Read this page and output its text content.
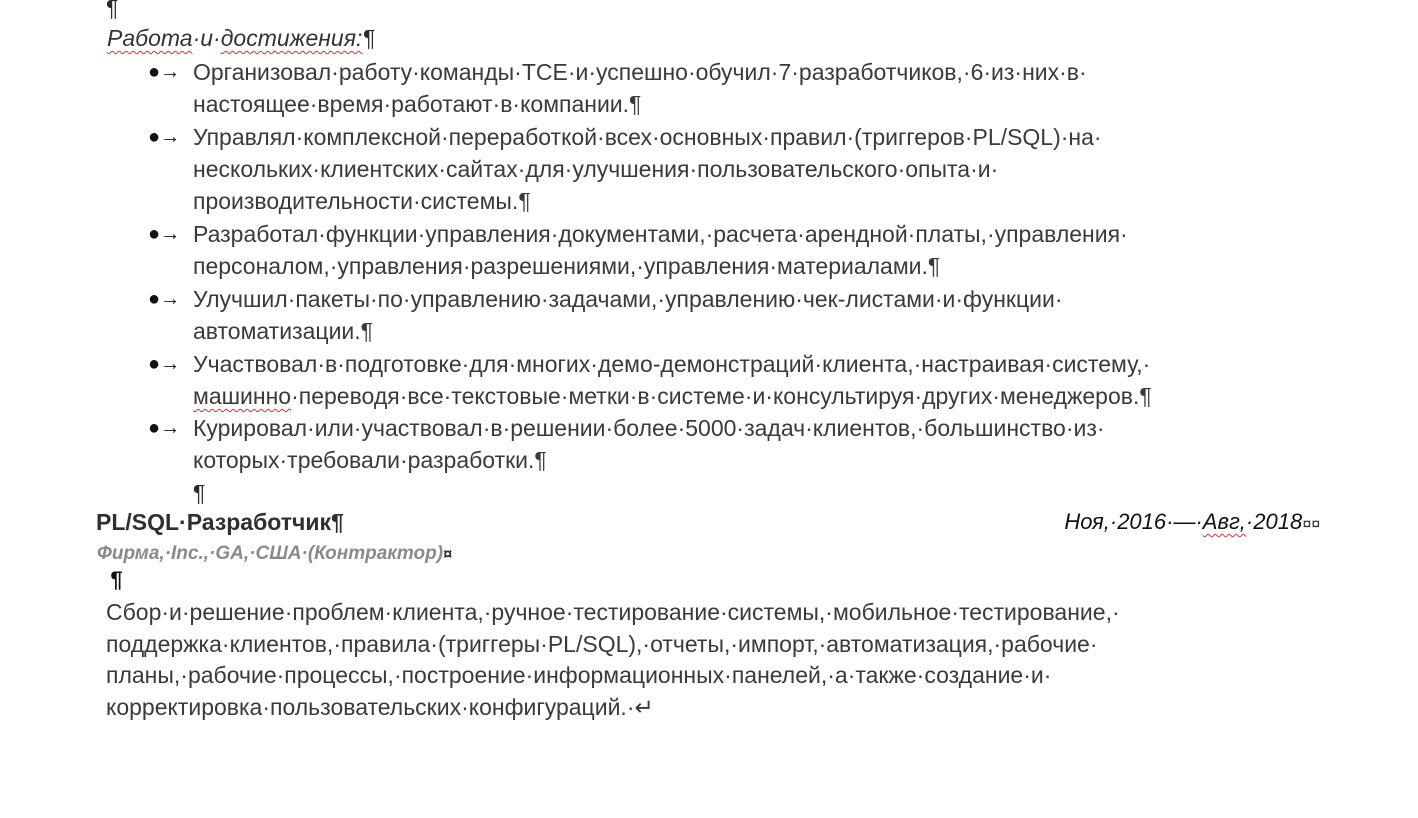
¶
Работа·и·достижения:¶
●→ Организовал·работу·команды·TCE·и·успешно·обучил·7·разработчиков,·6·из·них·в·
настоящее·время·работают·в·компании.¶
●→ Управлял·комплексной·переработкой·всех·основных·правил·(триггеров·PL/SQL)·на·
нескольких·клиентских·сайтах·для·улучшения·пользовательского·опыта·и·
производительности·системы.¶
●→ Разработал·функции·управления·документами,·расчета·арендной·платы,·управления·
персоналом,·управления·разрешениями,·управления·материалами.¶
●→ Улучшил·пакеты·по·управлению·задачами,·управлению·чек-листами·и·функции·
автоматизации.¶
●→ Участвовал·в·подготовке·для·многих·демо-демонстраций·клиента,·настраивая·систему,·
машинно·переводя·все·текстовые·метки·в·системе·и·консультируя·других·менеджеров.¶
●→ Курировал·или·участвовал·в·решении·более·5000·задач·клиентов,·большинство·из·
которых·требовали·разработки.¶
¶
PL/SQL·Разработчик¶	Ноя,·2016·—·Авг,·2018¤¤
Фирма,·Inc.,·GA,·США·(Контрактор)¤
¶
Сбор·и·решение·проблем·клиента,·ручное·тестирование·системы,·мобильное·тестирование,·
поддержка·клиентов,·правила·(триггеры·PL/SQL),·отчеты,·импорт,·автоматизация,·рабочие·
планы,·рабочие·процессы,·построение·информационных·панелей,·а·также·создание·и·
корректировка·пользовательских·конфигураций.·↵
